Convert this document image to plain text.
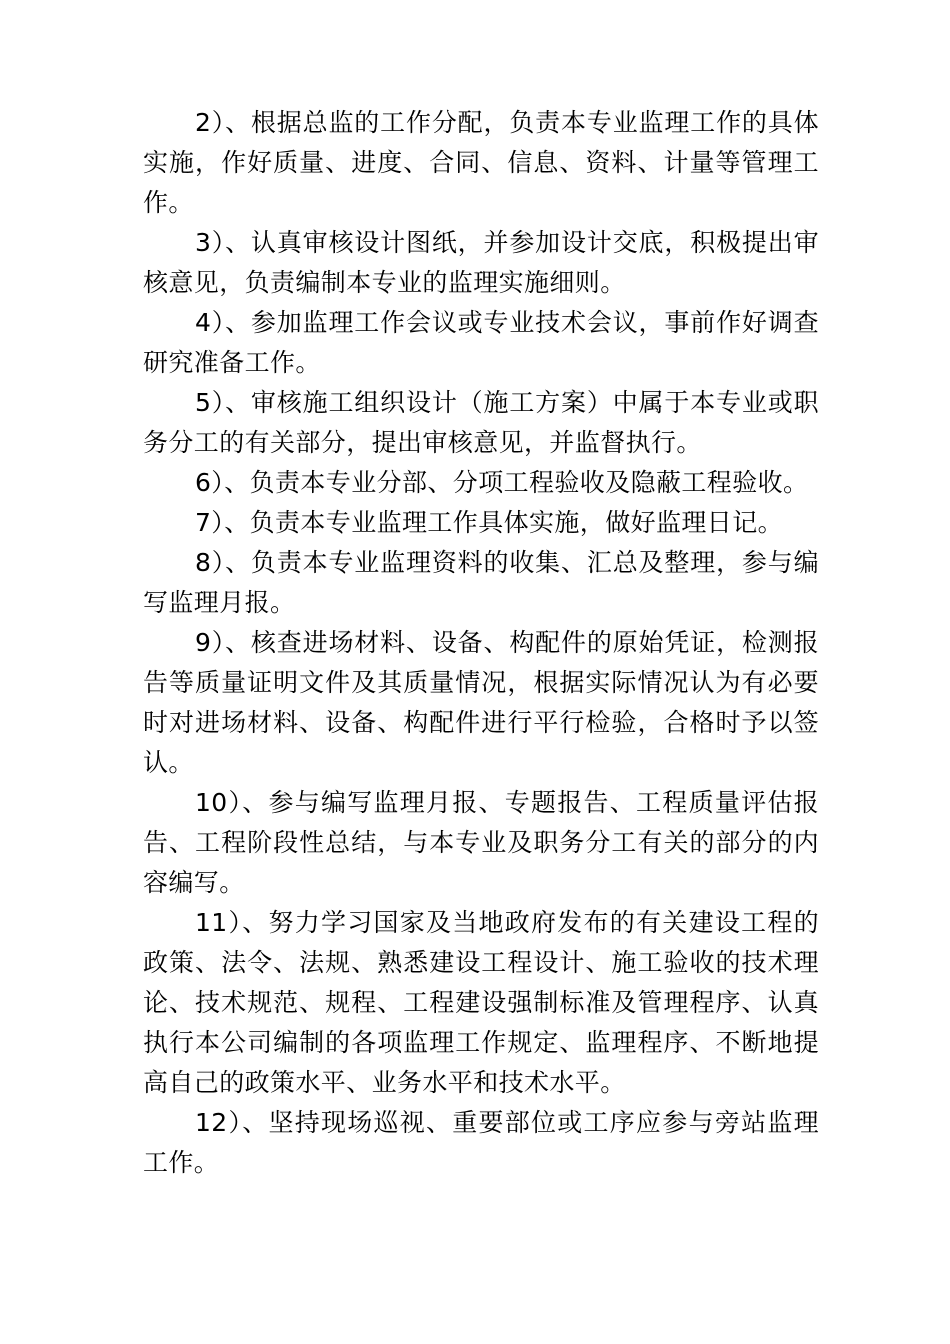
2）、根据总监的工作分配，负责本专业监理工作的具体实施，作好质量、进度、合同、信息、资料、计量等管理工作。

3）、认真审核设计图纸，并参加设计交底，积极提出审核意见，负责编制本专业的监理实施细则。

4）、参加监理工作会议或专业技术会议，事前作好调查研究准备工作。

5）、审核施工组织设计（施工方案）中属于本专业或职务分工的有关部分，提出审核意见，并监督执行。

6）、负责本专业分部、分项工程验收及隐蔽工程验收。

7）、负责本专业监理工作具体实施，做好监理日记。

8）、负责本专业监理资料的收集、汇总及整理，参与编写监理月报。

9）、核查进场材料、设备、构配件的原始凭证，检测报告等质量证明文件及其质量情况，根据实际情况认为有必要时对进场材料、设备、构配件进行平行检验，合格时予以签认。

10）、参与编写监理月报、专题报告、工程质量评估报告、工程阶段性总结，与本专业及职务分工有关的部分的内容编写。

11）、努力学习国家及当地政府发布的有关建设工程的政策、法令、法规、熟悉建设工程设计、施工验收的技术理论、技术规范、规程、工程建设强制标准及管理程序、认真执行本公司编制的各项监理工作规定、监理程序、不断地提高自己的政策水平、业务水平和技术水平。

12）、坚持现场巡视、重要部位或工序应参与旁站监理工作。
